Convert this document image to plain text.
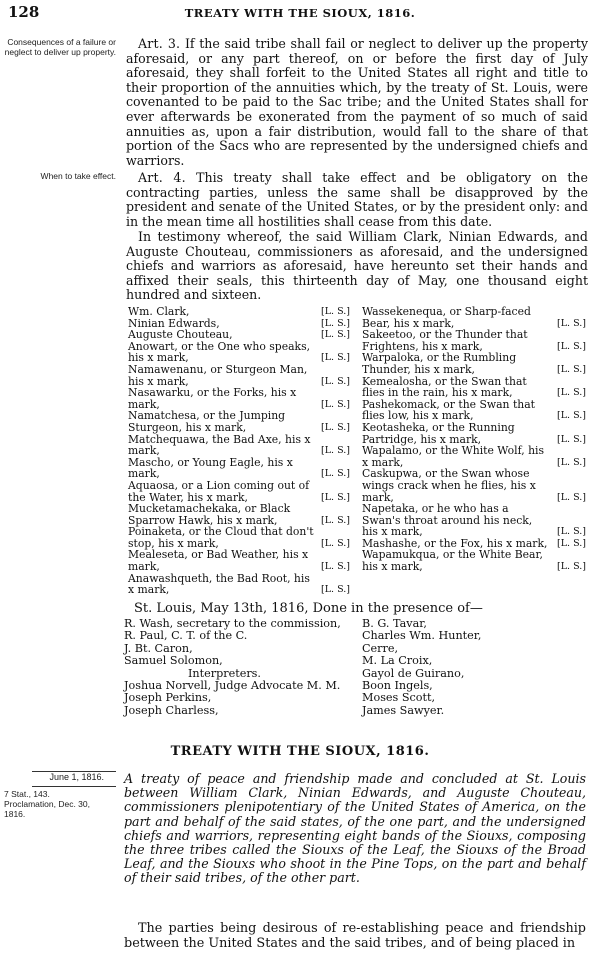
128	TREATY WITH THE SIOUX, 1816.
Consequences of a failure or neglect to deliver up property.
When to take effect.
Art. 3. If the said tribe shall fail or neglect to deliver up the property aforesaid, or any part thereof, on or before the first day of July aforesaid, they shall forfeit to the United States all right and title to their proportion of the annuities which, by the treaty of St. Louis, were covenanted to be paid to the Sac tribe; and the United States shall for ever afterwards be exonerated from the payment of so much of said annuities as, upon a fair distribution, would fall to the share of that portion of the Sacs who are represented by the undersigned chiefs and warriors.
Art. 4. This treaty shall take effect and be obligatory on the contracting parties, unless the same shall be disapproved by the president and senate of the United States, or by the president only: and in the mean time all hostilities shall cease from this date.
In testimony whereof, the said William Clark, Ninian Edwards, and Auguste Chouteau, commissioners as aforesaid, and the undersigned chiefs and warriors as aforesaid, have hereunto set their hands and affixed their seals, this thirteenth day of May, one thousand eight hundred and sixteen.
Wm. Clark,	[L. S.]
Ninian Edwards,	[L. S.]
Auguste Chouteau,	[L. S.]
Anowart, or the One who speaks, his x mark,	[L. S.]
Namawenanu, or Sturgeon Man, his x mark,	[L. S.]
Nasawarku, or the Forks, his x mark,	[L. S.]
Namatchesa, or the Jumping Sturgeon, his x mark,	[L. S.]
Matchequawa, the Bad Axe, his x mark,	[L. S.]
Mascho, or Young Eagle, his x mark,	[L. S.]
Aquaosa, or a Lion coming out of the Water, his x mark,	[L. S.]
Mucketamachekaka, or Black Sparrow Hawk, his x mark,	[L. S.]
Poinaketa, or the Cloud that don't stop, his x mark,	[L. S.]
Mealeseta, or Bad Weather, his x mark,	[L. S.]
Anawashqueth, the Bad Root, his x mark,	[L. S.]
Wassekenequa, or Sharp-faced Bear, his x mark,	[L. S.]
Sakeetoo, or the Thunder that Frightens, his x mark,	[L. S.]
Warpaloka, or the Rumbling Thunder, his x mark,	[L. S.]
Kemealosha, or the Swan that flies in the rain, his x mark,	[L. S.]
Pashekomack, or the Swan that flies low, his x mark,	[L. S.]
Keotasheka, or the Running Partridge, his x mark,	[L. S.]
Wapalamo, or the White Wolf, his x mark,	[L. S.]
Caskupwa, or the Swan whose wings crack when he flies, his x mark,	[L. S.]
Napetaka, or he who has a Swan's throat around his neck, his x mark,	[L. S.]
Mashashe, or the Fox, his x mark, [L. S.]
Wapamukqua, or the White Bear, his x mark,	[L. S.]
St. Louis, May 13th, 1816, Done in the presence of—
R. Wash, secretary to the commission,
R. Paul, C. T. of the C.
J. Bt. Caron,
Samuel Solomon,
Interpreters.
Joshua Norvell, Judge Advocate M. M.
Joseph Perkins,
Joseph Charless,
B. G. Tavar,
Charles Wm. Hunter,
Cerre,
M. La Croix,
Gayol de Guirano,
Boon Ingels,
Moses Scott,
James Sawyer.
TREATY WITH THE SIOUX, 1816.
June 1, 1816.
7 Stat., 143.
Proclamation, Dec. 30, 1816.
A treaty of peace and friendship made and concluded at St. Louis between William Clark, Ninian Edwards, and Auguste Chouteau, commissioners plenipotentiary of the United States of America, on the part and behalf of the said states, of the one part, and the undersigned chiefs and warriors, representing eight bands of the Siouxs, composing the three tribes called the Siouxs of the Leaf, the Siouxs of the Broad Leaf, and the Siouxs who shoot in the Pine Tops, on the part and behalf of their said tribes, of the other part.
The parties being desirous of re-establishing peace and friendship between the United States and the said tribes, and of being placed in
